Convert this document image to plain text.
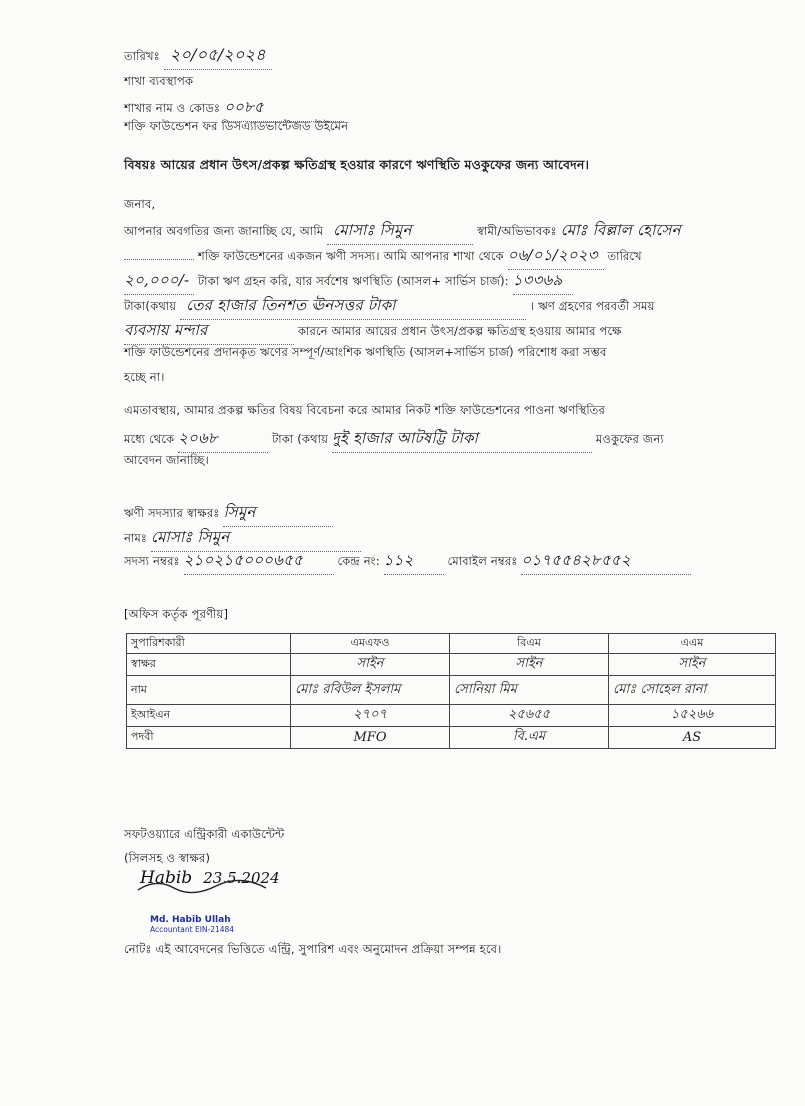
তারিখঃ ২০/০৫/২০২৪
শাখা ব্যবস্থাপক
শাখার নাম ও কোডঃ ০০৮৫
শক্তি ফাউন্ডেশন ফর ডিসএ্যাডভান্টেজড উইমেন
বিষয়ঃ আয়ের প্রধান উৎস/প্রকল্প ক্ষতিগ্রস্থ হওয়ার কারণে ঋণস্থিতি মওকুফের জন্য আবেদন।
জনাব,
আপনার অবগতির জন্য জানাচ্ছি যে, আমি মোসাঃ সিমুন	স্বামী/অভিভাবকঃ মোঃ বিল্লাল হোসেন
শক্তি ফাউন্ডেশনের একজন ঋণী সদস্য। আমি আপনার শাখা থেকে ০৬/০১/২০২৩ তারিখে
২০,০০০/- টাকা ঋণ গ্রহন করি, যার সর্বশেষ ঋণস্থিতি (আসল+ সার্ভিস চার্জ): ১৩৩৬৯
টাকা(কথায় তের হাজার তিনশত ঊনসত্তর টাকা	। ঋণ গ্রহণের পরবর্তী সময়
ব্যবসায় মন্দার	কারনে আমার আয়ের প্রধান উৎস/প্রকল্প ক্ষতিগ্রস্থ হওয়ায় আমার পক্ষে
শক্তি ফাউন্ডেশনের প্রদানকৃত ঋণের সম্পূর্ণ/আংশিক ঋণস্থিতি (আসল+সার্ভিস চার্জ) পরিশোধ করা সম্ভব
হচ্ছে না।
এমতাবস্থায়, আমার প্রকল্প ক্ষতির বিষয় বিবেচনা করে আমার নিকট শক্তি ফাউন্ডেশনের পাওনা ঋণস্থিতির
মধ্যে থেকে ২০৬৮	টাকা (কথায় দুই হাজার আটষট্টি টাকা	মওকুফের জন্য
আবেদন জানাচ্ছি।
ঋণী সদস্যার স্বাক্ষরঃ সিমুন
নামঃ মোসাঃ সিমুন
সদস্য নম্বরঃ ২১০২১৫০০০৬৫৫	কেন্দ্র নং: ১১২	মোবাইল নম্বরঃ ০১৭৫৫৪২৮৫৫২
[অফিস কর্তৃক পূরণীয়]
সুপারিশকারী	এমএফও	বিএম	এএম
স্বাক্ষর	সাইন	সাইন	সাইন
নাম	মোঃ রবিউল ইসলাম	সোনিয়া মিম	মোঃ সোহেল রানা
ইআইএন	২৭০৭	২৫৬৫৫	১৫২৬৬
পদবী	MFO	বি.এম	AS
সফটওয়্যারে এন্ট্রিকারী একাউন্টেন্ট
(সিলসহ ও স্বাক্ষর)
Habib 23.5.2024
Md. Habib Ullah
Accountant EIN-21484
নোটঃ এই আবেদনের ভিত্তিতে এন্ট্রি, সুপারিশ এবং অনুমোদন প্রক্রিয়া সম্পন্ন হবে।
